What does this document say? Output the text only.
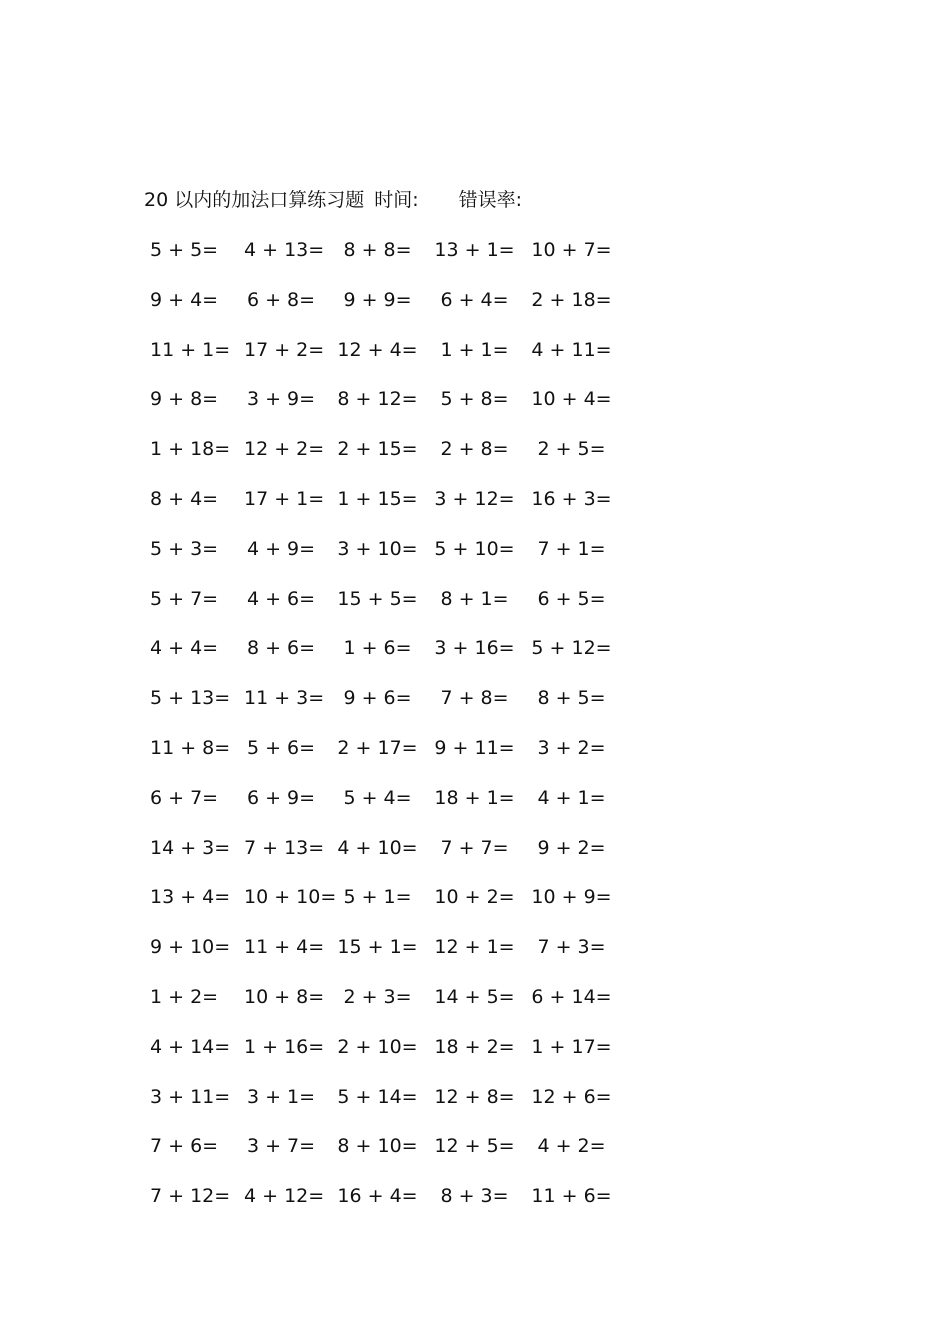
20 以内的加法口算练习题 时间: 错误率:
5 + 5= 4 + 13= 8 + 8= 13 + 1= 10 + 7=
9 + 4= 6 + 8= 9 + 9= 6 + 4= 2 + 18=
11 + 1= 17 + 2= 12 + 4= 1 + 1= 4 + 11=
9 + 8= 3 + 9= 8 + 12= 5 + 8= 10 + 4=
1 + 18= 12 + 2= 2 + 15= 2 + 8= 2 + 5=
8 + 4= 17 + 1= 1 + 15= 3 + 12= 16 + 3=
5 + 3= 4 + 9= 3 + 10= 5 + 10= 7 + 1=
5 + 7= 4 + 6= 15 + 5= 8 + 1= 6 + 5=
4 + 4= 8 + 6= 1 + 6= 3 + 16= 5 + 12=
5 + 13= 11 + 3= 9 + 6= 7 + 8= 8 + 5=
11 + 8= 5 + 6= 2 + 17= 9 + 11= 3 + 2=
6 + 7= 6 + 9= 5 + 4= 18 + 1= 4 + 1=
14 + 3= 7 + 13= 4 + 10= 7 + 7= 9 + 2=
13 + 4= 10 + 10= 5 + 1= 10 + 2= 10 + 9=
9 + 10= 11 + 4= 15 + 1= 12 + 1= 7 + 3=
1 + 2= 10 + 8= 2 + 3= 14 + 5= 6 + 14=
4 + 14= 1 + 16= 2 + 10= 18 + 2= 1 + 17=
3 + 11= 3 + 1= 5 + 14= 12 + 8= 12 + 6=
7 + 6= 3 + 7= 8 + 10= 12 + 5= 4 + 2=
7 + 12= 4 + 12= 16 + 4= 8 + 3= 11 + 6=
